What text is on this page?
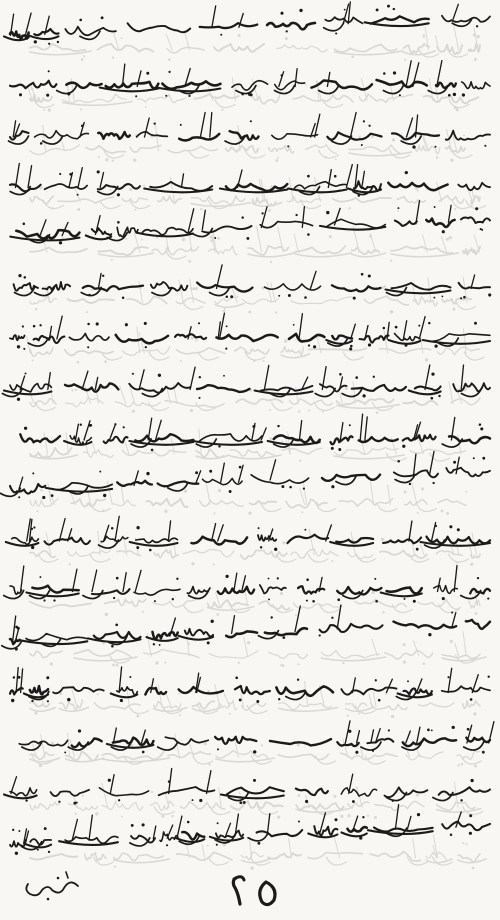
۲۵
